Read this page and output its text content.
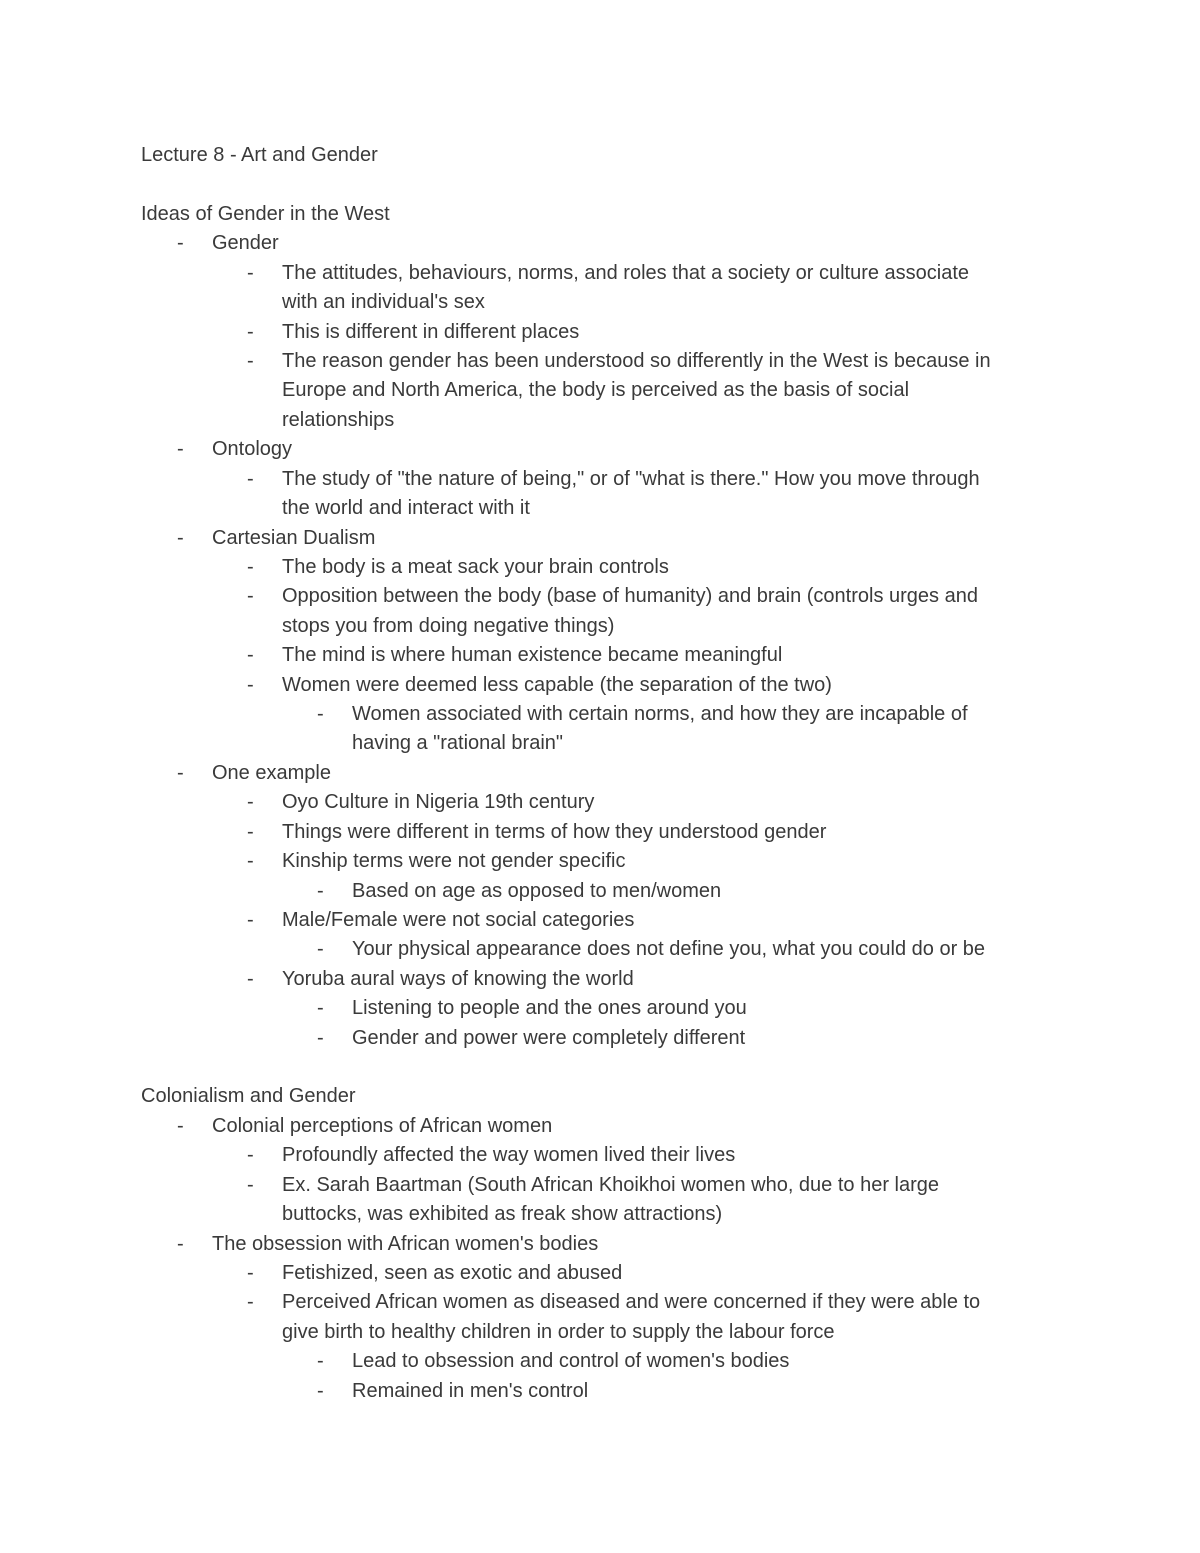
Lecture 8 - Art and Gender
Ideas of Gender in the West
- Gender
- The attitudes, behaviours, norms, and roles that a society or culture associate
with an individual's sex
- This is different in different places
- The reason gender has been understood so differently in the West is because in
Europe and North America, the body is perceived as the basis of social
relationships
- Ontology
- The study of "the nature of being," or of "what is there." How you move through
the world and interact with it
- Cartesian Dualism
- The body is a meat sack your brain controls
- Opposition between the body (base of humanity) and brain (controls urges and
stops you from doing negative things)
- The mind is where human existence became meaningful
- Women were deemed less capable (the separation of the two)
- Women associated with certain norms, and how they are incapable of
having a "rational brain"
- One example
- Oyo Culture in Nigeria 19th century
- Things were different in terms of how they understood gender
- Kinship terms were not gender specific
- Based on age as opposed to men/women
- Male/Female were not social categories
- Your physical appearance does not define you, what you could do or be
- Yoruba aural ways of knowing the world
- Listening to people and the ones around you
- Gender and power were completely different
Colonialism and Gender
- Colonial perceptions of African women
- Profoundly affected the way women lived their lives
- Ex. Sarah Baartman (South African Khoikhoi women who, due to her large
buttocks, was exhibited as freak show attractions)
- The obsession with African women's bodies
- Fetishized, seen as exotic and abused
- Perceived African women as diseased and were concerned if they were able to
give birth to healthy children in order to supply the labour force
- Lead to obsession and control of women's bodies
- Remained in men's control
